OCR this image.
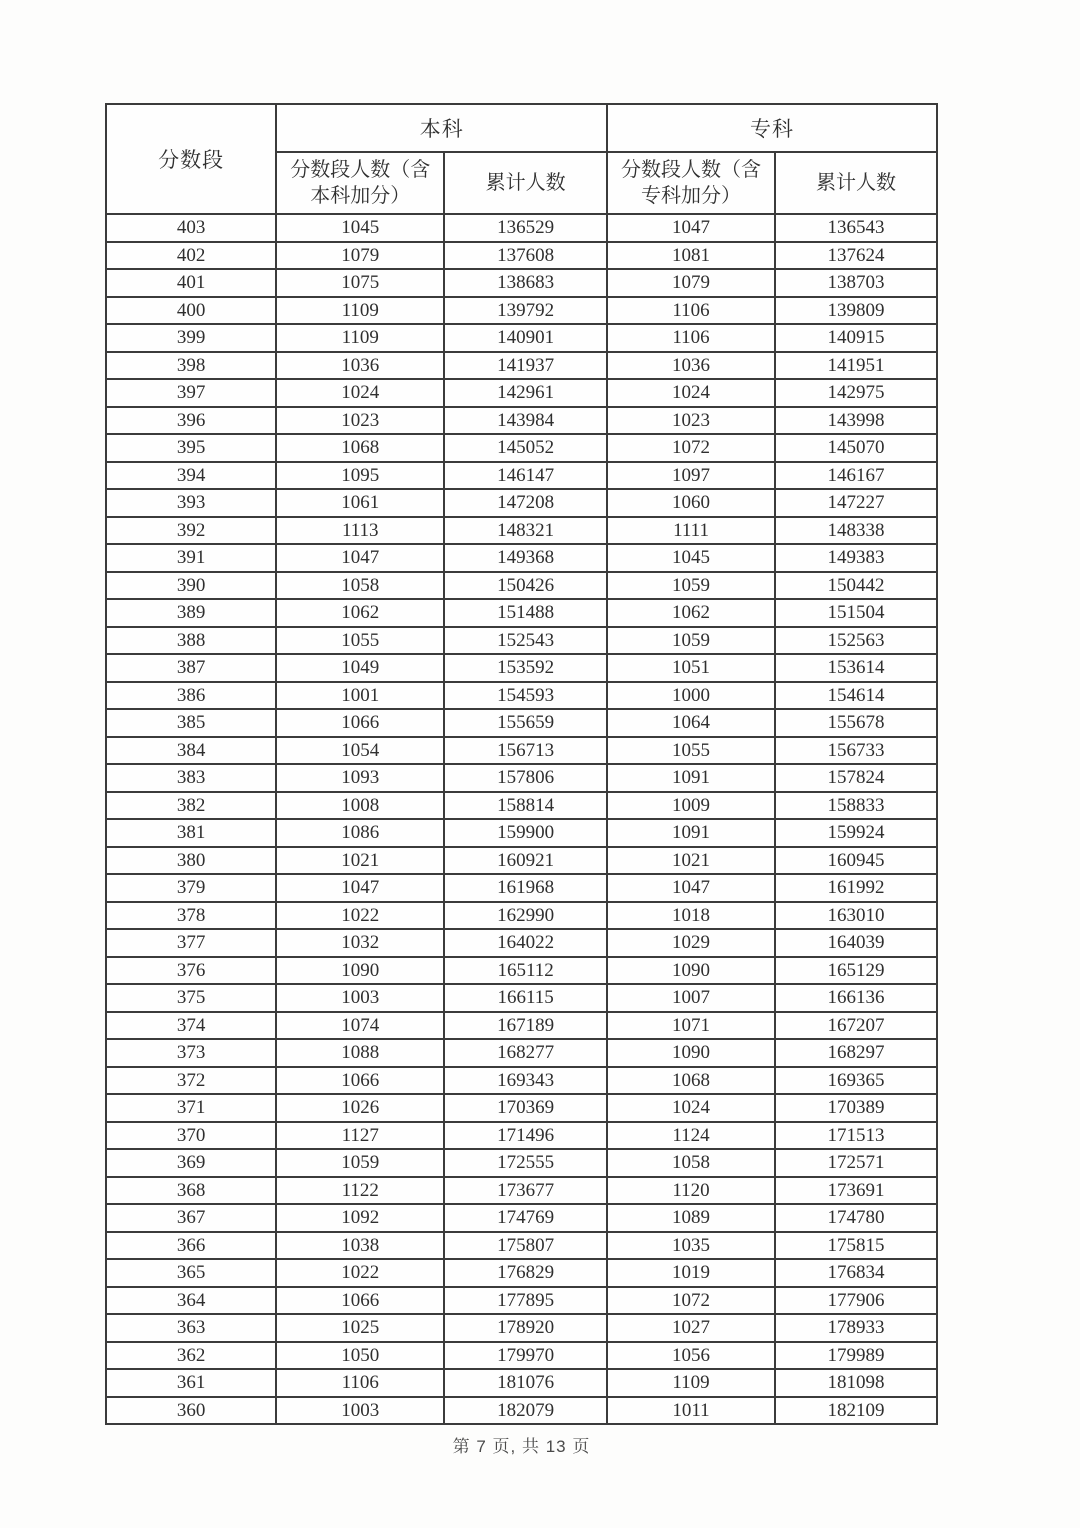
分数段	本科		专科	
	分数段人数（含本科加分）	累计人数	分数段人数（含专科加分）	累计人数
403	1045	136529	1047	136543
402	1079	137608	1081	137624
401	1075	138683	1079	138703
400	1109	139792	1106	139809
399	1109	140901	1106	140915
398	1036	141937	1036	141951
397	1024	142961	1024	142975
396	1023	143984	1023	143998
395	1068	145052	1072	145070
394	1095	146147	1097	146167
393	1061	147208	1060	147227
392	1113	148321	1111	148338
391	1047	149368	1045	149383
390	1058	150426	1059	150442
389	1062	151488	1062	151504
388	1055	152543	1059	152563
387	1049	153592	1051	153614
386	1001	154593	1000	154614
385	1066	155659	1064	155678
384	1054	156713	1055	156733
383	1093	157806	1091	157824
382	1008	158814	1009	158833
381	1086	159900	1091	159924
380	1021	160921	1021	160945
379	1047	161968	1047	161992
378	1022	162990	1018	163010
377	1032	164022	1029	164039
376	1090	165112	1090	165129
375	1003	166115	1007	166136
374	1074	167189	1071	167207
373	1088	168277	1090	168297
372	1066	169343	1068	169365
371	1026	170369	1024	170389
370	1127	171496	1124	171513
369	1059	172555	1058	172571
368	1122	173677	1120	173691
367	1092	174769	1089	174780
366	1038	175807	1035	175815
365	1022	176829	1019	176834
364	1066	177895	1072	177906
363	1025	178920	1027	178933
362	1050	179970	1056	179989
361	1106	181076	1109	181098
360	1003	182079	1011	182109
第 7 页, 共 13 页
